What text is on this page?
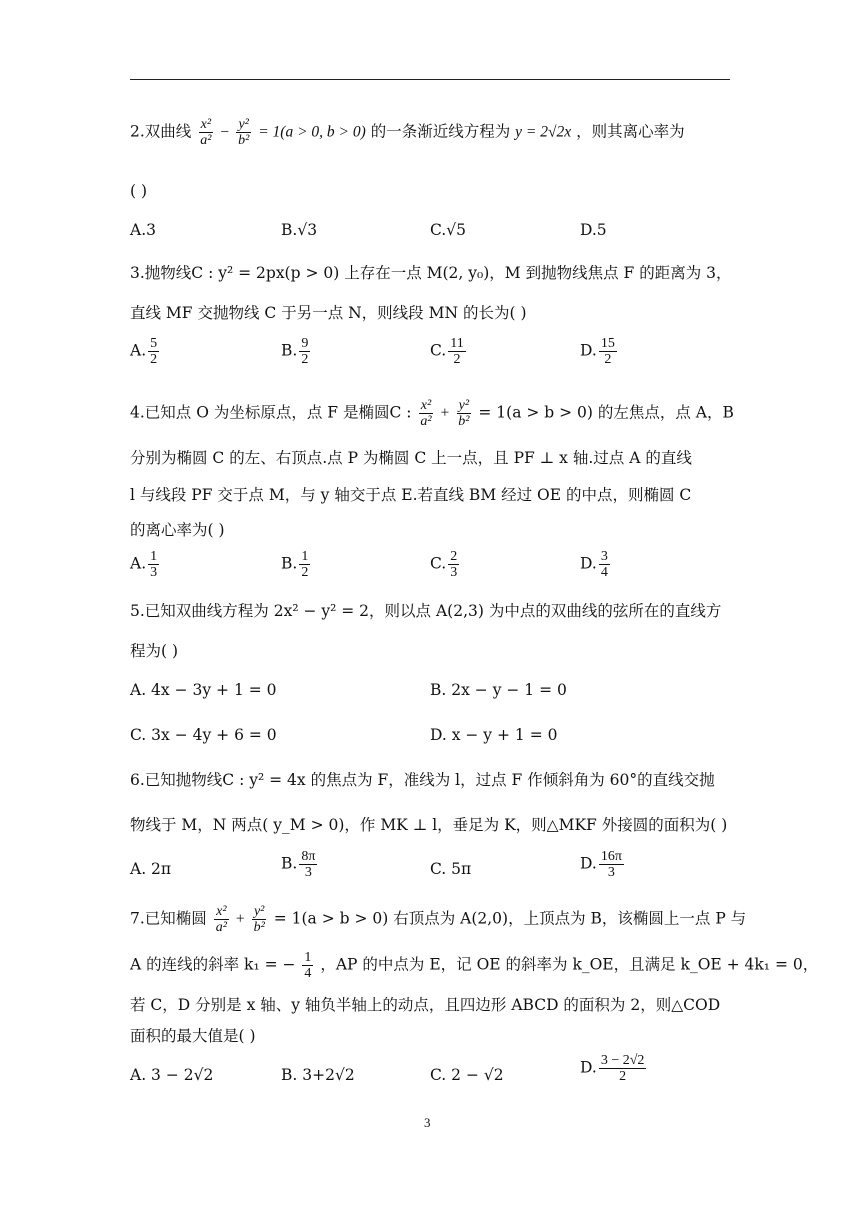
2.双曲线 $\frac{\text{x²}}{\text{a²}} - \frac{\text{y²}}{\text{b²}} = 1(a > 0$, b > 0) 的一条渐近线方程为 y = 2√2x ，则其离心率为
( )
A.3	B.√3	C.√5	D.5
3.抛物线C : y² = 2px(p > 0) 上存在一点 M(2, y₀)，M 到抛物线焦点 F 的距离为 3，
直线 MF 交抛物线 C 于另一点 N，则线段 MN 的长为( )
A. $\frac{5}{2}$	B. $\frac{9}{2}$	C. $\frac{11}{2}$	D. $\frac{15}{2}$
4.已知点 O 为坐标原点，点 F 是椭圆C : $\frac{\text{x²}}{\text{a²}} + \frac{\text{y²}}{\text{b²}} = 1(a > b > 0)$ 的左焦点，点 A，B
分别为椭圆 C 的左、右顶点.点 P 为椭圆 C 上一点，且 PF ⊥ x 轴.过点 A 的直线
l 与线段 PF 交于点 M，与 y 轴交于点 E.若直线 BM 经过 OE 的中点，则椭圆 C
的离心率为( )
A. $\frac{1}{3}$	B. $\frac{1}{2}$	C. $\frac{2}{3}$	D. $\frac{3}{4}$
5.已知双曲线方程为 2x² − y² = 2，则以点 A(2,3) 为中点的双曲线的弦所在的直线方
程为( )
A. 4x − 3y + 1 = 0	B. 2x − y − 1 = 0
C. 3x − 4y + 6 = 0	D. x − y + 1 = 0
6.已知抛物线C : y² = 4x 的焦点为 F，准线为 l，过点 F 作倾斜角为 60°的直线交抛
物线于 M，N 两点( y_M > 0)，作 MK ⊥ l，垂足为 K，则△MKF 外接圆的面积为( )
A. 2π	B. $\frac{8\pi}{3}$	C. 5π	D. $\frac{16\pi}{3}$
7.已知椭圆 $\frac{\text{x²}}{\text{a²}} + \frac{\text{y²}}{\text{b²}} = 1(a > b > 0)$ 右顶点为 A(2,0)，上顶点为 B，该椭圆上一点 P 与
A 的连线的斜率 k₁ = − $\frac{1}{4}$ ，AP 的中点为 E，记 OE 的斜率为 k_OE，且满足 k_OE + 4k₁ = 0，
若 C，D 分别是 x 轴、y 轴负半轴上的动点，且四边形 ABCD 的面积为 2，则△COD
面积的最大值是( )
A. 3 − 2√2	B. 3+2√2	C. 2 − √2	D. $\frac{3 - 2√2}{2}$
3
